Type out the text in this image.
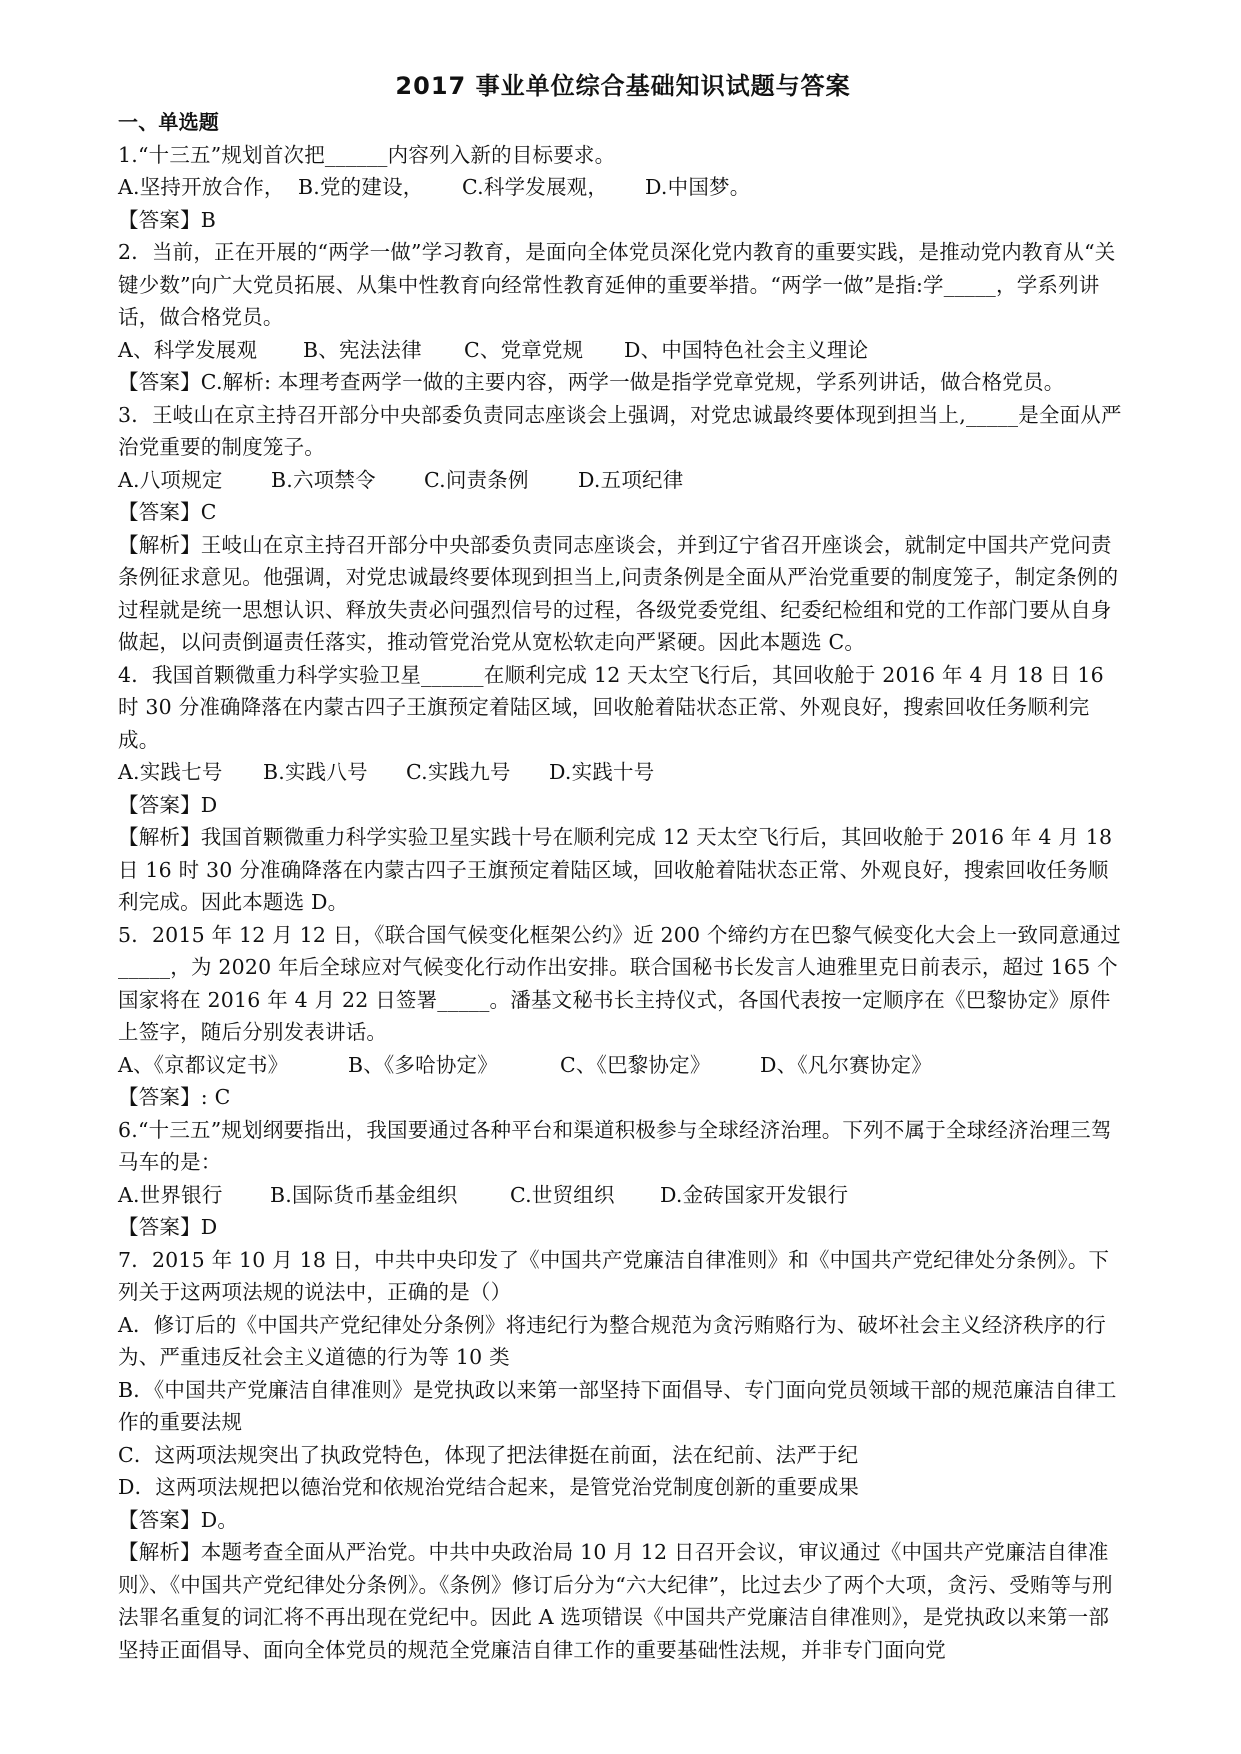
2017 事业单位综合基础知识试题与答案
一、单选题
1.“十三五”规划首次把______内容列入新的目标要求。
A.坚持开放合作， B.党的建设，	C.科学发展观，	D.中国梦。
【答案】B
2．当前，正在开展的“两学一做”学习教育，是面向全体党员深化党内教育的重要实践，是推动党内教育从“关键少数”向广大党员拓展、从集中性教育向经常性教育延伸的重要举措。“两学一做”是指:学_____，学系列讲话，做合格党员。
A、科学发展观	B、宪法法律	C、党章党规	D、中国特色社会主义理论
【答案】C.解析: 本理考查两学一做的主要内容，两学一做是指学党章党规，学系列讲话，做合格党员。
3．王岐山在京主持召开部分中央部委负责同志座谈会上强调，对党忠诚最终要体现到担当上,_____是全面从严治党重要的制度笼子。
A.八项规定	B.六项禁令	C.问责条例	D.五项纪律
【答案】C
【解析】王岐山在京主持召开部分中央部委负责同志座谈会，并到辽宁省召开座谈会，就制定中国共产党问责条例征求意见。他强调，对党忠诚最终要体现到担当上,问责条例是全面从严治党重要的制度笼子，制定条例的过程就是统一思想认识、释放失责必问强烈信号的过程，各级党委党组、纪委纪检组和党的工作部门要从自身做起，以问责倒逼责任落实，推动管党治党从宽松软走向严紧硬。因此本题选 C。
4．我国首颗微重力科学实验卫星______在顺利完成 12 天太空飞行后，其回收舱于 2016 年 4 月 18 日 16 时 30 分准确降落在内蒙古四子王旗预定着陆区域，回收舱着陆状态正常、外观良好，搜索回收任务顺利完成。
A.实践七号	B.实践八号	C.实践九号	D.实践十号
【答案】D
【解析】我国首颗微重力科学实验卫星实践十号在顺利完成 12 天太空飞行后，其回收舱于 2016 年 4 月 18 日 16 时 30 分准确降落在内蒙古四子王旗预定着陆区域，回收舱着陆状态正常、外观良好，搜索回收任务顺利完成。因此本题选 D。
5．2015 年 12 月 12 日，《联合国气候变化框架公约》近 200 个缔约方在巴黎气候变化大会上一致同意通过_____，为 2020 年后全球应对气候变化行动作出安排。联合国秘书长发言人迪雅里克日前表示，超过 165 个国家将在 2016 年 4 月 22 日签署_____。潘基文秘书长主持仪式，各国代表按一定顺序在《巴黎协定》原件上签字，随后分别发表讲话。
A、《京都议定书》	B、《多哈协定》	C、《巴黎协定》	D、《凡尔赛协定》
【答案】: C
6.“十三五”规划纲要指出，我国要通过各种平台和渠道积极参与全球经济治理。下列不属于全球经济治理三驾马车的是：
A.世界银行	B.国际货币基金组织	C.世贸组织	D.金砖国家开发银行
【答案】D
7．2015 年 10 月 18 日，中共中央印发了《中国共产党廉洁自律准则》和《中国共产党纪律处分条例》。下列关于这两项法规的说法中，正确的是（）
A．修订后的《中国共产党纪律处分条例》将违纪行为整合规范为贪污贿赂行为、破坏社会主义经济秩序的行为、严重违反社会主义道德的行为等 10 类
B．《中国共产党廉洁自律准则》是党执政以来第一部坚持下面倡导、专门面向党员领域干部的规范廉洁自律工作的重要法规
C．这两项法规突出了执政党特色，体现了把法律挺在前面，法在纪前、法严于纪
D．这两项法规把以德治党和依规治党结合起来，是管党治党制度创新的重要成果
【答案】D。
【解析】本题考查全面从严治党。中共中央政治局 10 月 12 日召开会议，审议通过《中国共产党廉洁自律准则》、《中国共产党纪律处分条例》。《条例》修订后分为“六大纪律”，比过去少了两个大项，贪污、受贿等与刑法罪名重复的词汇将不再出现在党纪中。因此 A 选项错误《中国共产党廉洁自律准则》，是党执政以来第一部坚持正面倡导、面向全体党员的规范全党廉洁自律工作的重要基础性法规，并非专门面向党
